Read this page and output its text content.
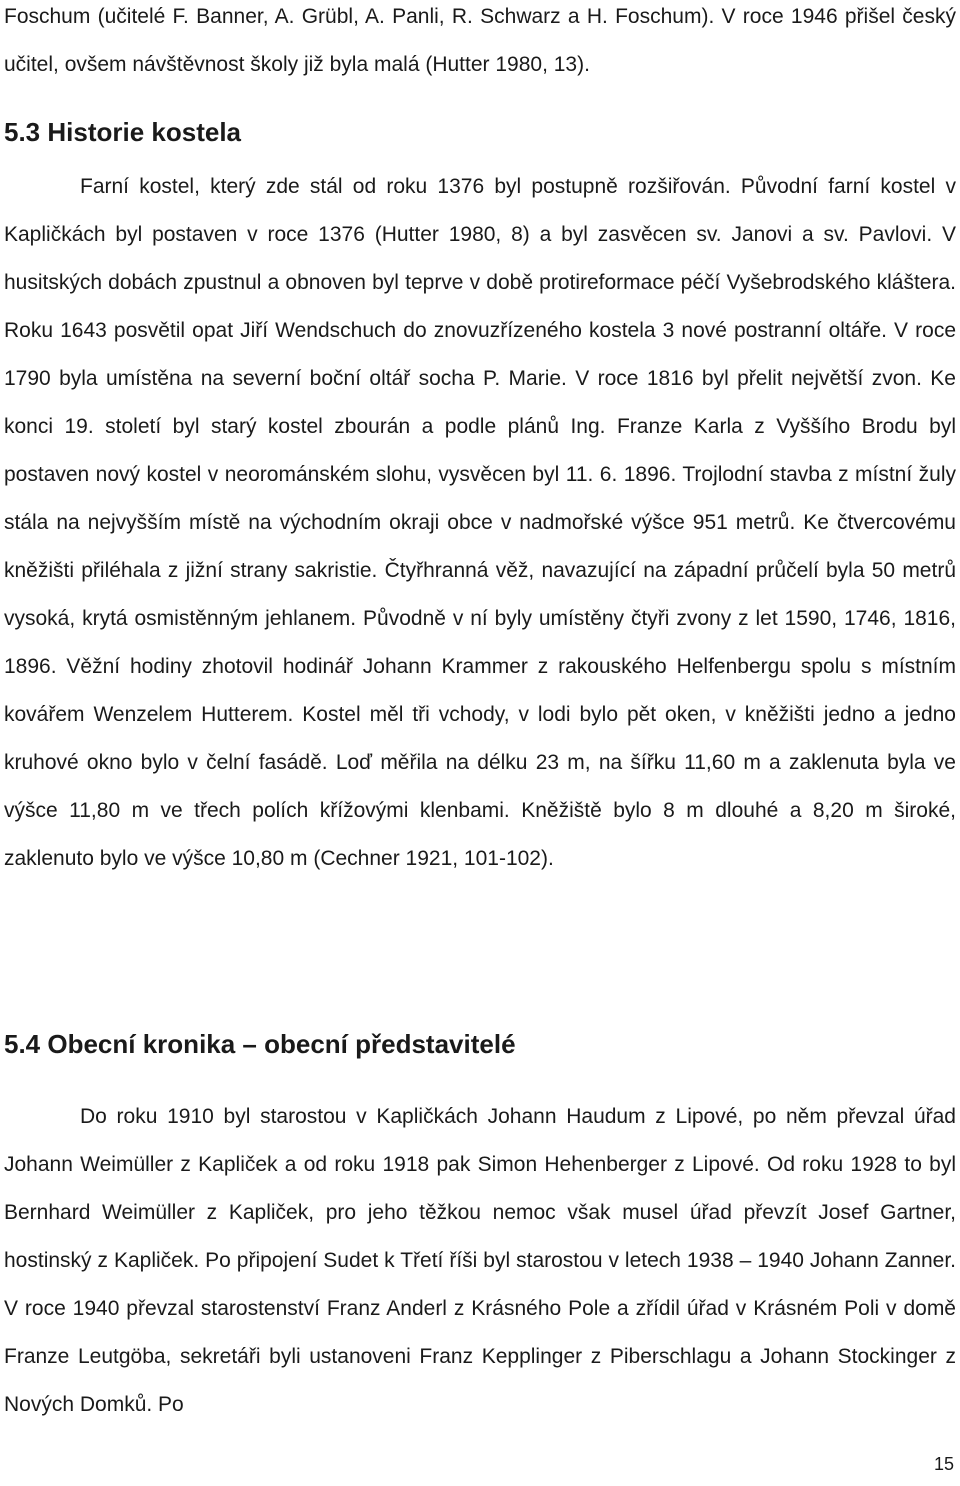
Foschum (učitelé F. Banner, A. Grübl, A. Panli, R. Schwarz a H. Foschum). V roce 1946 přišel český učitel, ovšem návštěvnost školy již byla malá (Hutter 1980, 13).

5.3 Historie kostela

Farní kostel, který zde stál od roku 1376 byl postupně rozšiřován. Původní farní kostel v Kapličkách byl postaven v roce 1376 (Hutter 1980, 8) a byl zasvěcen sv. Janovi a sv. Pavlovi. V husitských dobách zpustnul a obnoven byl teprve v době protireformace péčí Vyšebrodského kláštera. Roku 1643 posvětil opat Jiří Wendschuch do znovuzřízeného kostela 3 nové postranní oltáře. V roce 1790 byla umístěna na severní boční oltář socha P. Marie. V roce 1816 byl přelit největší zvon. Ke konci 19. století byl starý kostel zbourán a podle plánů Ing. Franze Karla z Vyššího Brodu byl postaven nový kostel v neorománském slohu, vysvěcen byl 11. 6. 1896. Trojlodní stavba z místní žuly stála na nejvyšším místě na východním okraji obce v nadmořské výšce 951 metrů. Ke čtvercovému kněžišti přiléhala z jižní strany sakristie. Čtyřhranná věž, navazující na západní průčelí byla 50 metrů vysoká, krytá osmistěnným jehlanem. Původně v ní byly umístěny čtyři zvony z let 1590, 1746, 1816, 1896. Věžní hodiny zhotovil hodinář Johann Krammer z rakouského Helfenbergu spolu s místním kovářem Wenzelem Hutterem. Kostel měl tři vchody, v lodi bylo pět oken, v kněžišti jedno a jedno kruhové okno bylo v čelní fasádě. Loď měřila na délku 23 m, na šířku 11,60 m a zaklenuta byla ve výšce 11,80 m ve třech polích křížovými klenbami. Kněžiště bylo 8 m dlouhé a 8,20 m široké, zaklenuto bylo ve výšce 10,80 m (Cechner 1921, 101-102).

5.4 Obecní kronika – obecní představitelé

Do roku 1910 byl starostou v Kapličkách Johann Haudum z Lipové, po něm převzal úřad Johann Weimüller z Kapliček a od roku 1918 pak Simon Hehenberger z Lipové. Od roku 1928 to byl Bernhard Weimüller z Kapliček, pro jeho těžkou nemoc však musel úřad převzít Josef Gartner, hostinský z Kapliček. Po připojení Sudet k Třetí říši byl starostou v letech 1938 – 1940 Johann Zanner. V roce 1940 převzal starostenství Franz Anderl z Krásného Pole a zřídil úřad v Krásném Poli v domě Franze Leutgöba, sekretáři byli ustanoveni Franz Kepplinger z Piberschlagu a Johann Stockinger z Nových Domků. Po

15
